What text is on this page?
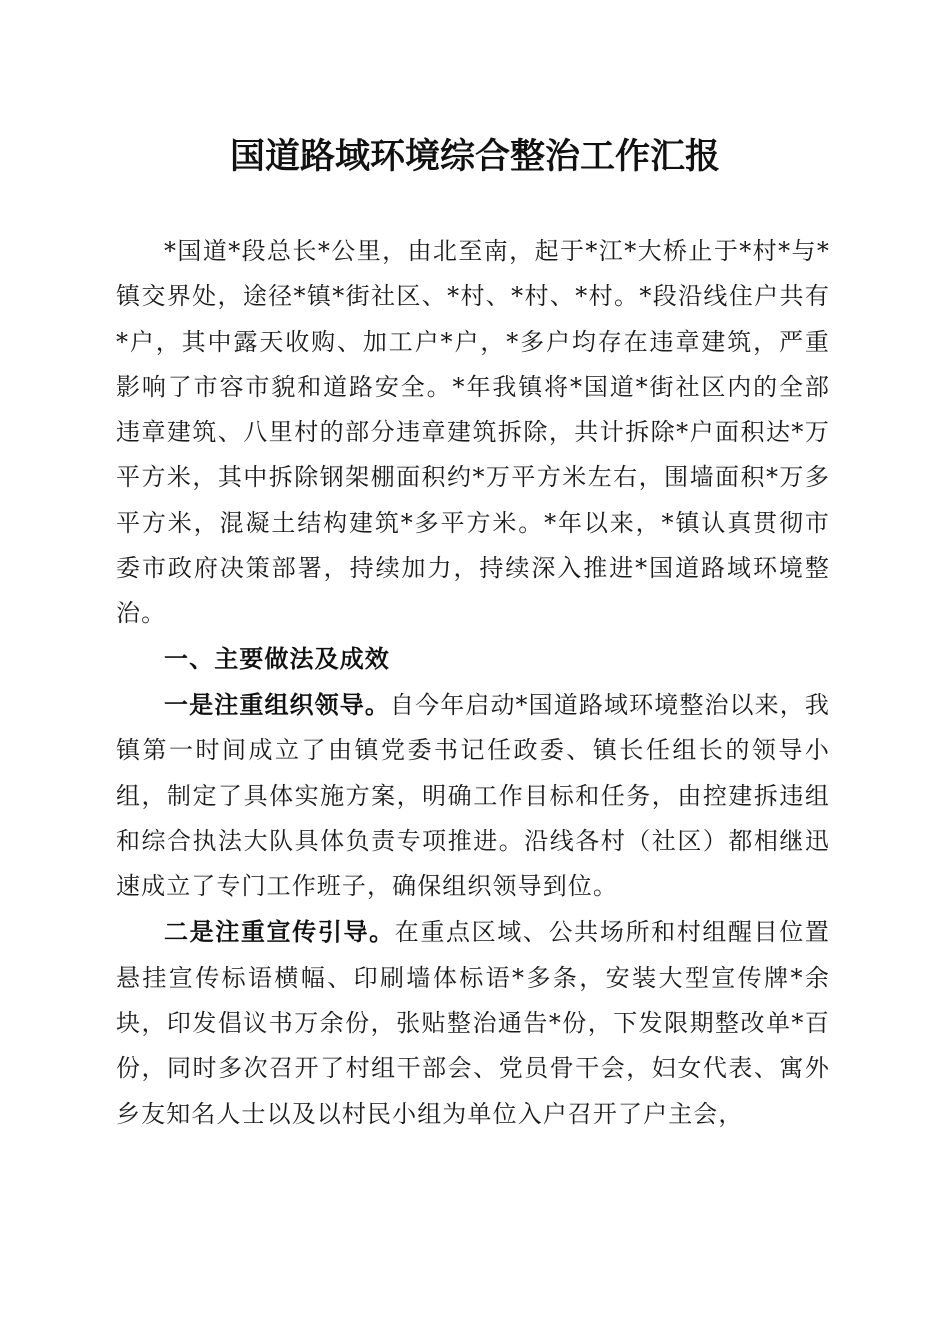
国道路域环境综合整治工作汇报

*国道*段总长*公里，由北至南，起于*江*大桥止于*村*与*镇交界处，途径*镇*街社区、*村、*村、*村。*段沿线住户共有*户，其中露天收购、加工户*户，*多户均存在违章建筑，严重影响了市容市貌和道路安全。*年我镇将*国道*街社区内的全部违章建筑、八里村的部分违章建筑拆除，共计拆除*户面积达*万平方米，其中拆除钢架棚面积约*万平方米左右，围墙面积*万多平方米，混凝土结构建筑*多平方米。*年以来，*镇认真贯彻市委市政府决策部署，持续加力，持续深入推进*国道路域环境整治。

一、主要做法及成效

一是注重组织领导。自今年启动*国道路域环境整治以来，我镇第一时间成立了由镇党委书记任政委、镇长任组长的领导小组，制定了具体实施方案，明确工作目标和任务，由控建拆违组和综合执法大队具体负责专项推进。沿线各村（社区）都相继迅速成立了专门工作班子，确保组织领导到位。

二是注重宣传引导。在重点区域、公共场所和村组醒目位置悬挂宣传标语横幅、印刷墙体标语*多条，安装大型宣传牌*余块，印发倡议书万余份，张贴整治通告*份，下发限期整改单*百份，同时多次召开了村组干部会、党员骨干会，妇女代表、寓外乡友知名人士以及以村民小组为单位入户召开了户主会，
